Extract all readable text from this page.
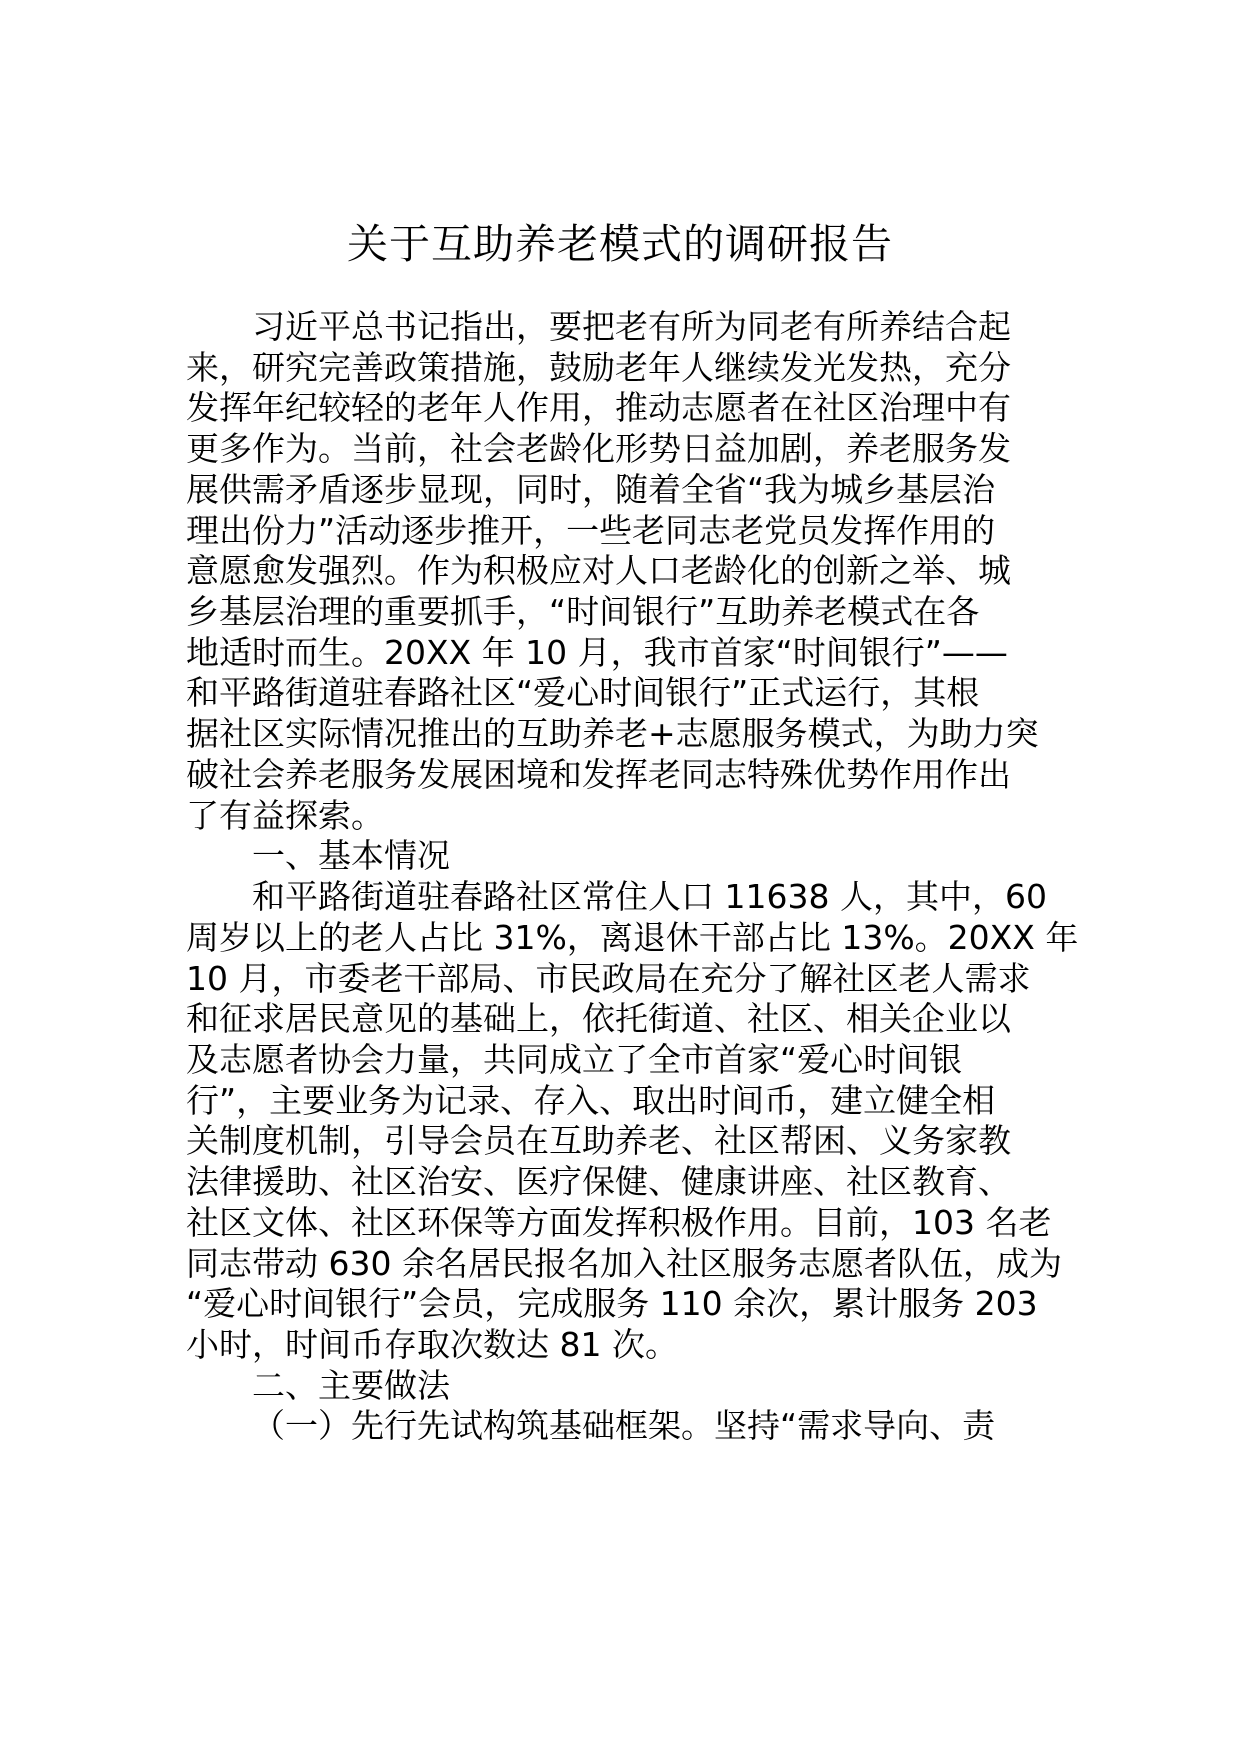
关于互助养老模式的调研报告
习近平总书记指出，要把老有所为同老有所养结合起
来，研究完善政策措施，鼓励老年人继续发光发热，充分
发挥年纪较轻的老年人作用，推动志愿者在社区治理中有
更多作为。当前，社会老龄化形势日益加剧，养老服务发
展供需矛盾逐步显现，同时，随着全省“我为城乡基层治
理出份力”活动逐步推开，一些老同志老党员发挥作用的
意愿愈发强烈。作为积极应对人口老龄化的创新之举、城
乡基层治理的重要抓手，“时间银行”互助养老模式在各
地适时而生。20XX 年 10 月，我市首家“时间银行”——
和平路街道驻春路社区“爱心时间银行”正式运行，其根
据社区实际情况推出的互助养老+志愿服务模式，为助力突
破社会养老服务发展困境和发挥老同志特殊优势作用作出
了有益探索。
一、基本情况
和平路街道驻春路社区常住人口 11638 人，其中，60
周岁以上的老人占比 31%，离退休干部占比 13%。20XX 年
10 月，市委老干部局、市民政局在充分了解社区老人需求
和征求居民意见的基础上，依托街道、社区、相关企业以
及志愿者协会力量，共同成立了全市首家“爱心时间银
行”，主要业务为记录、存入、取出时间币，建立健全相
关制度机制，引导会员在互助养老、社区帮困、义务家教
法律援助、社区治安、医疗保健、健康讲座、社区教育、
社区文体、社区环保等方面发挥积极作用。目前，103 名老
同志带动 630 余名居民报名加入社区服务志愿者队伍，成为
“爱心时间银行”会员，完成服务 110 余次，累计服务 203
小时，时间币存取次数达 81 次。
二、主要做法
（一）先行先试构筑基础框架。坚持“需求导向、责
